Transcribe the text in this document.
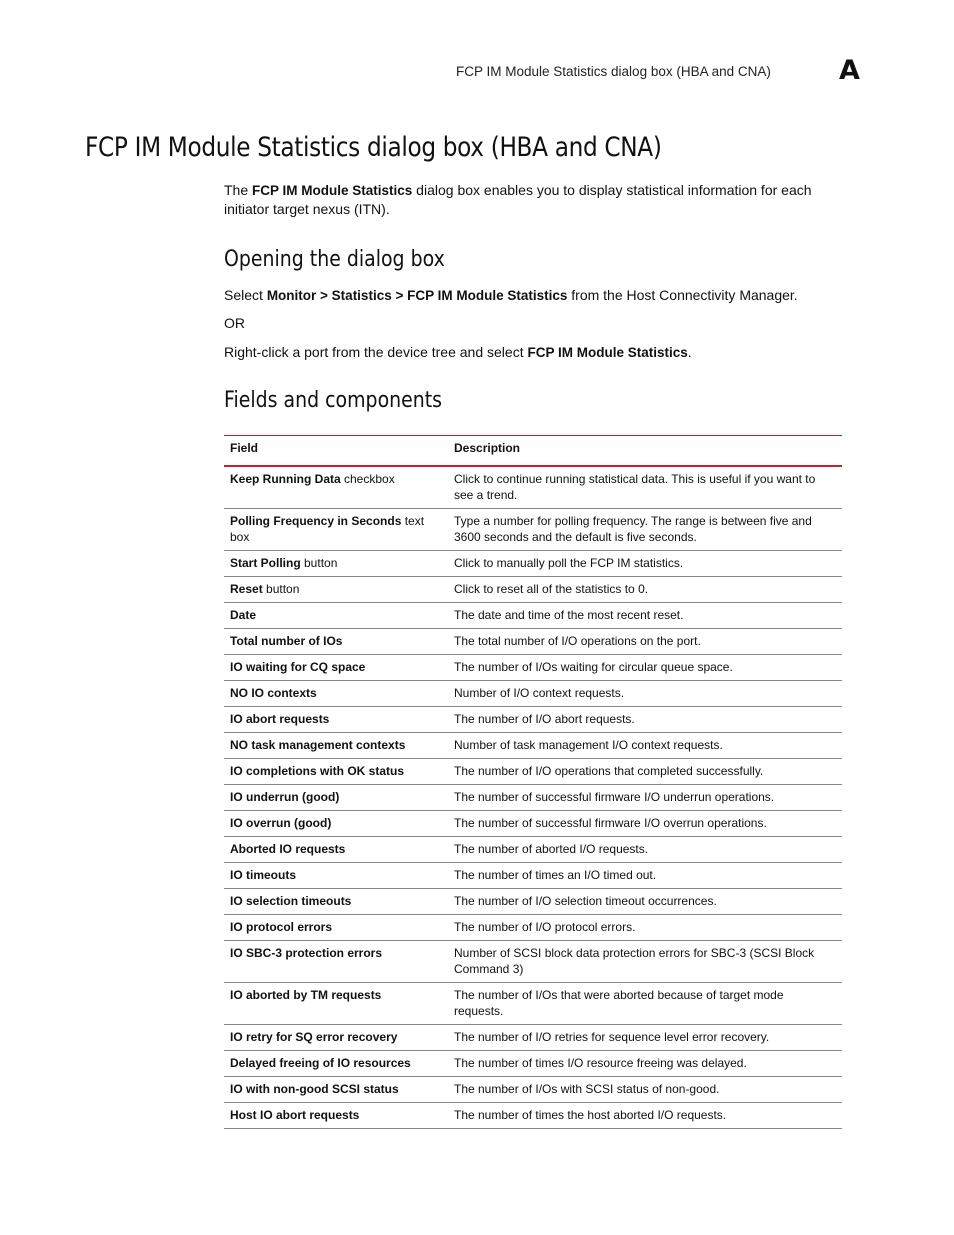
FCP IM Module Statistics dialog box (HBA and CNA)	A
FCP IM Module Statistics dialog box (HBA and CNA)

The FCP IM Module Statistics dialog box enables you to display statistical information for each initiator target nexus (ITN).

Opening the dialog box

Select Monitor > Statistics > FCP IM Module Statistics from the Host Connectivity Manager.

OR

Right-click a port from the device tree and select FCP IM Module Statistics.

Fields and components
Field	Description
Keep Running Data checkbox	Click to continue running statistical data. This is useful if you want to see a trend.
Polling Frequency in Seconds text box	Type a number for polling frequency. The range is between five and 3600 seconds and the default is five seconds.
Start Polling button	Click to manually poll the FCP IM statistics.
Reset button	Click to reset all of the statistics to 0.
Date	The date and time of the most recent reset.
Total number of IOs	The total number of I/O operations on the port.
IO waiting for CQ space	The number of I/Os waiting for circular queue space.
NO IO contexts	Number of I/O context requests.
IO abort requests	The number of I/O abort requests.
NO task management contexts	Number of task management I/O context requests.
IO completions with OK status	The number of I/O operations that completed successfully.
IO underrun (good)	The number of successful firmware I/O underrun operations.
IO overrun (good)	The number of successful firmware I/O overrun operations.
Aborted IO requests	The number of aborted I/O requests.
IO timeouts	The number of times an I/O timed out.
IO selection timeouts	The number of I/O selection timeout occurrences.
IO protocol errors	The number of I/O protocol errors.
IO SBC-3 protection errors	Number of SCSI block data protection errors for SBC-3 (SCSI Block Command 3)
IO aborted by TM requests	The number of I/Os that were aborted because of target mode requests.
IO retry for SQ error recovery	The number of I/O retries for sequence level error recovery.
Delayed freeing of IO resources	The number of times I/O resource freeing was delayed.
IO with non-good SCSI status	The number of I/Os with SCSI status of non-good.
Host IO abort requests	The number of times the host aborted I/O requests.
